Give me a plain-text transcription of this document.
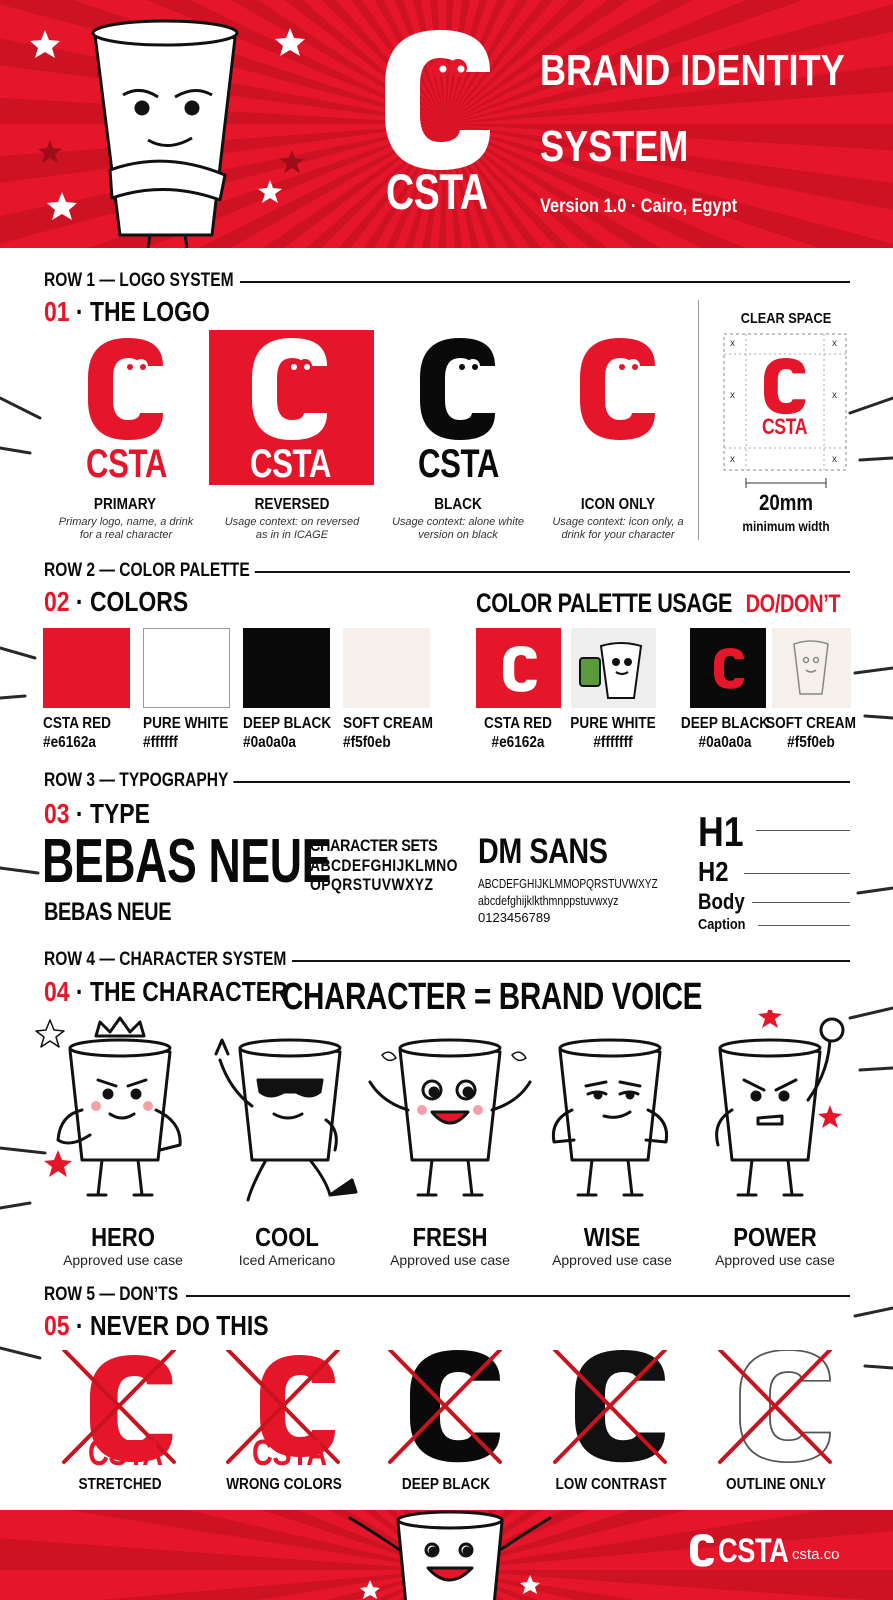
CSTA
BRAND IDENTITY
SYSTEM
Version 1.0 · Cairo, Egypt
ROW 1 — LOGO SYSTEM
01 · THE LOGO
CSTA CSTA CSTA
PRIMARY	REVERSED	BLACK	ICON ONLY
Primary logo, name, a drink for a real character
Usage context: on reversed as in in ICAGE
Usage context: alone white version on black
Usage context: icon only, a drink for your character
CLEAR SPACE
x	x
x	x
x	x
CSTA
20mm
minimum width
ROW 2 — COLOR PALETTE
02 · COLORS
CSTA RED
#e6162a
PURE WHITE
#ffffff
DEEP BLACK
#0a0a0a
SOFT CREAM
#f5f0eb
COLOR PALETTE USAGE DO/DON’T
CSTA RED
#e6162a
PURE WHITE
#fffffff
DEEP BLACK
#0a0a0a
SOFT CREAM
#f5f0eb
ROW 3 — TYPOGRAPHY
03 · TYPE
BEBAS NEUE
BEBAS NEUE
CHARACTER SETS
ABCDEFGHIJKLMNO
OPQRSTUVWXYZ
DM SANS
ABCDEFGHIJKLMMOPQRSTUVWXYZ
abcdefghijklkthmnppstuvwxyz
0123456789
H1
H2
Body
Caption
ROW 4 — CHARACTER SYSTEM
04 · THE CHARACTER
CHARACTER = BRAND VOICE
HERO
Approved use case
COOL
Iced Americano
FRESH
Approved use case
WISE
Approved use case
POWER
Approved use case
ROW 5 — DON’TS
05 · NEVER DO THIS
CSTA CSTA
STRETCHED	WRONG COLORS	DEEP BLACK	LOW CONTRAST	OUTLINE ONLY
CSTA csta.co
